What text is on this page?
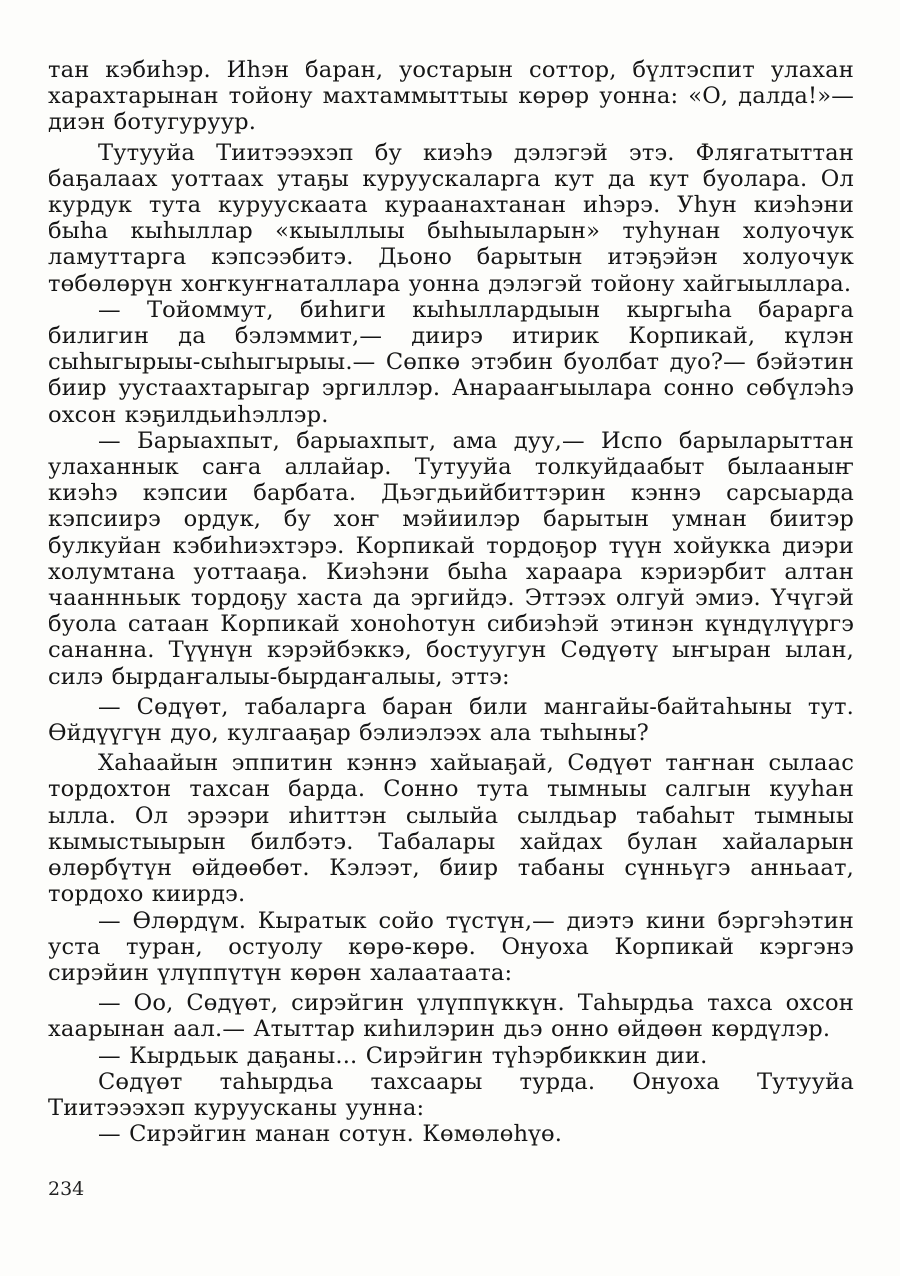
тан кэбиһэр. Иһэн баран, уостарын соттор, бүлтэспит улахан харахтарынан тойону махтаммыттыы көрөр уонна: «О, далда!»— диэн ботугуруур.

Тутууйа Тиитэээхэп бу киэһэ дэлэгэй этэ. Флягатыттан баҕалаах уоттаах утаҕы куруускаларга кут да кут буолара. Ол курдук тута куруускаата кураанахтанан иһэрэ. Уһун киэһэни быһа кыһыллар «кыыллыы быһыыларын» туһунан холуочук ламуттарга кэпсээбитэ. Дьоно барытын итэҕэйэн холуочук төбөлөрүн хоҥкуҥнаталлара уонна дэлэгэй тойону хайгыыллара.

— Тойоммут, биһиги кыһыллардыын кыргыһа барарга билигин да бэлэммит,— диирэ итирик Корпикай, күлэн сыһыгырыы-сыһыгырыы.— Сөпкө этэбин буолбат дуо?— бэйэтин биир уустаахтарыгар эргиллэр. Анарааҥыылара сонно сөбүлэһэ охсон кэҕилдьиһэллэр.

— Барыахпыт, барыахпыт, ама дуу,— Испо барыларыттан улаханнык саҥа аллайар. Тутууйа толкуйдаабыт былааныҥ киэһэ кэпсии барбата. Дьэгдьийбиттэрин кэннэ сарсыарда кэпсиирэ ордук, бу хоҥ мэйиилэр барытын умнан биитэр булкуйан кэбиһиэхтэрэ. Корпикай тордоҕор түүн хойукка диэри холумтана уоттааҕа. Киэһэни быһа хараара кэриэрбит алтан чааннньык тордоҕу хаста да эргийдэ. Эттээх олгуй эмиэ. Үчүгэй буола сатаан Корпикай хоноһотун сибиэһэй этинэн күндүлүүргэ сананна. Түүнүн кэрэйбэккэ, бостуугун Сөдүөтү ыҥыран ылан, силэ бырдаҥалыы-бырдаҥалыы, эттэ:

— Сөдүөт, табаларга баран били мангайы-байтаһыны тут. Өйдүүгүн дуо, кулгааҕар бэлиэлээх ала тыһыны?

Хаһаайын эппитин кэннэ хайыаҕай, Сөдүөт таҥнан сылаас тордохтон тахсан барда. Сонно тута тымныы салгын кууһан ылла. Ол эрээри иһиттэн сылыйа сылдьар табаһыт тымныы кымыстыырын билбэтэ. Табалары хайдах булан хайаларын өлөрбүтүн өйдөөбөт. Кэлээт, биир табаны сүнньүгэ анньаат, тордохо киирдэ.

— Өлөрдүм. Кыратык сойо түстүн,— диэтэ кини бэргэһэтин уста туран, остуолу көрө-көрө. Онуоха Корпикай кэргэнэ сирэйин үлүппүтүн көрөн халаатаата:

— Оо, Сөдүөт, сирэйгин үлүппүккүн. Таһырдьа тахса охсон хаарынан аал.— Атыттар киһилэрин дьэ онно өйдөөн көрдүлэр.

— Кырдьык даҕаны... Сирэйгин түһэрбиккин дии.

Сөдүөт таһырдьа тахсаары турда. Онуоха Тутууйа Тиитэээхэп куруусканы уунна:

— Сирэйгин манан сотун. Көмөлөһүө.

234
